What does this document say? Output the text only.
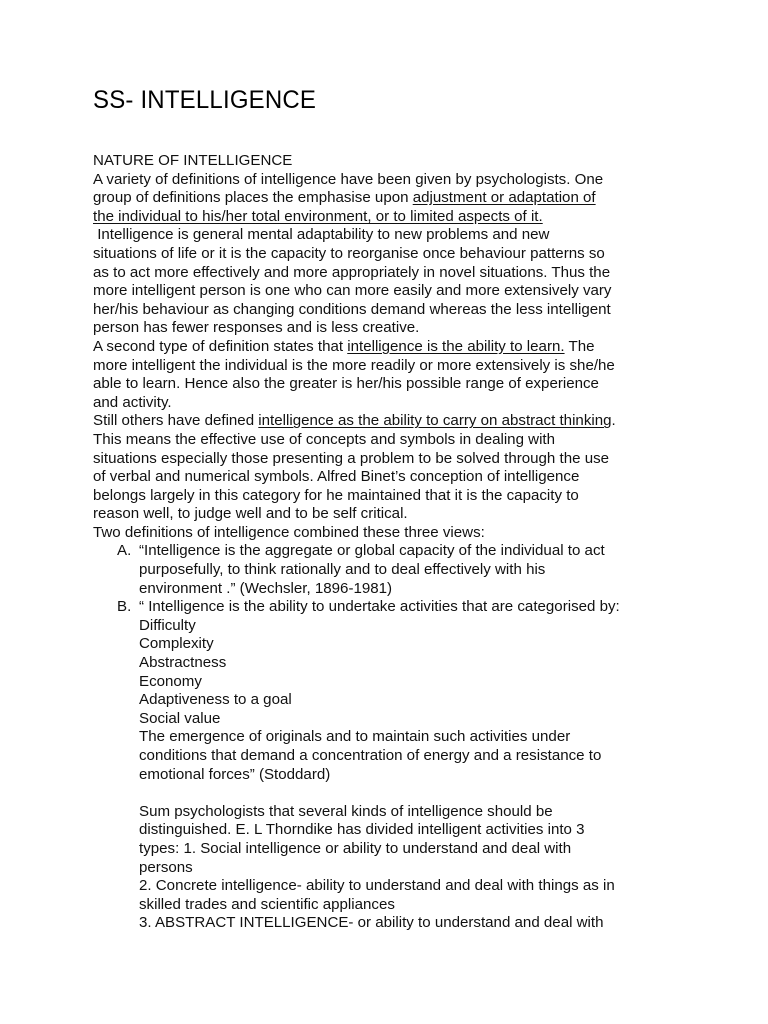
SS- INTELLIGENCE

NATURE OF INTELLIGENCE

A variety of definitions of intelligence have been given by psychologists. One
group of definitions places the emphasise upon adjustment or adaptation of
the individual to his/her total environment, or to limited aspects of it.

Intelligence is general mental adaptability to new problems and new
situations of life or it is the capacity to reorganise once behaviour patterns so
as to act more effectively and more appropriately in novel situations. Thus the
more intelligent person is one who can more easily and more extensively vary
her/his behaviour as changing conditions demand whereas the less intelligent
person has fewer responses and is less creative.

A second type of definition states that intelligence is the ability to learn. The
more intelligent the individual is the more readily or more extensively is she/he
able to learn. Hence also the greater is her/his possible range of experience
and activity.

Still others have defined intelligence as the ability to carry on abstract thinking.
This means the effective use of concepts and symbols in dealing with
situations especially those presenting a problem to be solved through the use
of verbal and numerical symbols. Alfred Binet’s conception of intelligence
belongs largely in this category for he maintained that it is the capacity to
reason well, to judge well and to be self critical.

Two definitions of intelligence combined these three views:

A. “Intelligence is the aggregate or global capacity of the individual to act
purposefully, to think rationally and to deal effectively with his
environment .” (Wechsler, 1896-1981)
B. “ Intelligence is the ability to undertake activities that are categorised by:
Difficulty
Complexity
Abstractness
Economy
Adaptiveness to a goal
Social value
The emergence of originals and to maintain such activities under
conditions that demand a concentration of energy and a resistance to
emotional forces” (Stoddard)
Sum psychologists that several kinds of intelligence should be
distinguished. E. L Thorndike has divided intelligent activities into 3
types: 1. Social intelligence or ability to understand and deal with
persons
2. Concrete intelligence- ability to understand and deal with things as in
skilled trades and scientific appliances
3. ABSTRACT INTELLIGENCE- or ability to understand and deal with
